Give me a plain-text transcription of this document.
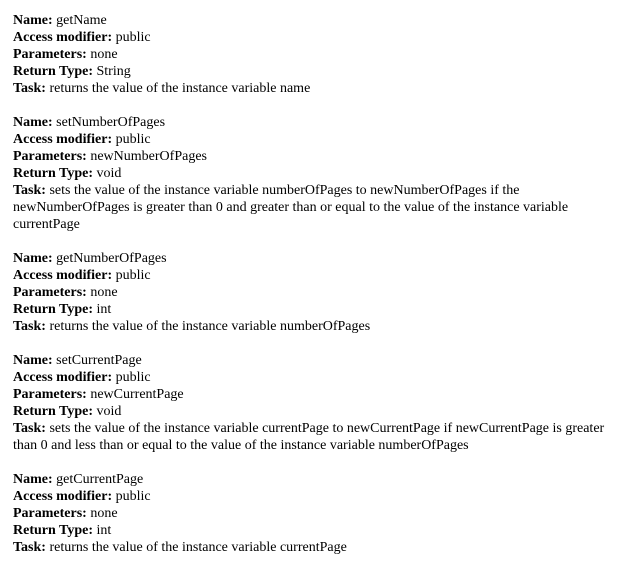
Name: getName
Access modifier: public
Parameters: none
Return Type: String
Task: returns the value of the instance variable name
Name: setNumberOfPages
Access modifier: public
Parameters: newNumberOfPages
Return Type: void
Task: sets the value of the instance variable numberOfPages to newNumberOfPages if the newNumberOfPages is greater than 0 and greater than or equal to the value of the instance variable currentPage
Name: getNumberOfPages
Access modifier: public
Parameters: none
Return Type: int
Task: returns the value of the instance variable numberOfPages
Name: setCurrentPage
Access modifier: public
Parameters: newCurrentPage
Return Type: void
Task: sets the value of the instance variable currentPage to newCurrentPage if newCurrentPage is greater than 0 and less than or equal to the value of the instance variable numberOfPages
Name: getCurrentPage
Access modifier: public
Parameters: none
Return Type: int
Task: returns the value of the instance variable currentPage
